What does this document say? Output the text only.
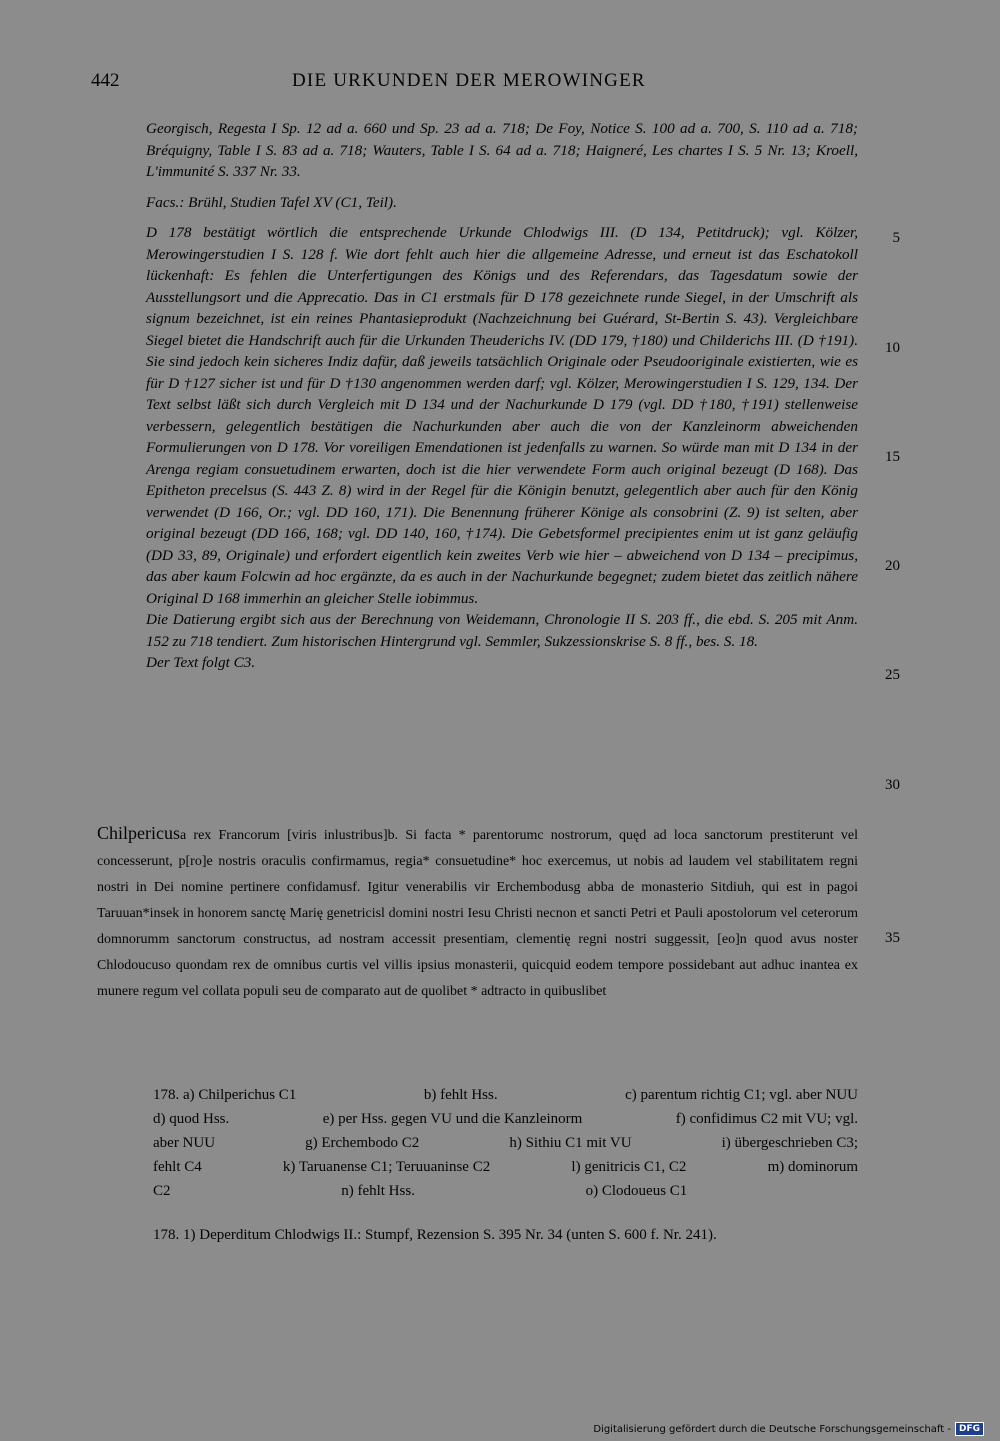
442	DIE URKUNDEN DER MEROWINGER

Georgisch, Regesta I Sp. 12 ad a. 660 und Sp. 23 ad a. 718; De Foy, Notice S. 100 ad a. 700, S. 110 ad a. 718; Bréquigny, Table I S. 83 ad a. 718; Wauters, Table I S. 64 ad a. 718; Haigneré, Les chartes I S. 5 Nr. 13; Kroell, L'immunité S. 337 Nr. 33.

Facs.: Brühl, Studien Tafel XV (C1, Teil).

D 178 bestätigt wörtlich die entsprechende Urkunde Chlodwigs III. (D 134, Petitdruck); vgl. Kölzer, Merowingerstudien I S. 128 f. Wie dort fehlt auch hier die allgemeine Adresse, und erneut ist das Eschatokoll lückenhaft: Es fehlen die Unterfertigungen des Königs und des Referendars, das Tagesdatum sowie der Ausstellungsort und die Apprecatio. Das in C1 erstmals für D 178 gezeichnete runde Siegel, in der Umschrift als signum bezeichnet, ist ein reines Phantasieprodukt (Nachzeichnung bei Guérard, St-Bertin S. 43). Vergleichbare Siegel bietet die Handschrift auch für die Urkunden Theuderichs IV. (DD 179, †180) und Childerichs III. (D †191). Sie sind jedoch kein sicheres Indiz dafür, daß jeweils tatsächlich Originale oder Pseudooriginale existierten, wie es für D †127 sicher ist und für D †130 angenommen werden darf; vgl. Kölzer, Merowingerstudien I S. 129, 134. Der Text selbst läßt sich durch Vergleich mit D 134 und der Nachurkunde D 179 (vgl. DD †180, †191) stellenweise verbessern, gelegentlich bestätigen die Nachurkunden aber auch die von der Kanzleinorm abweichenden Formulierungen von D 178. Vor voreiligen Emendationen ist jedenfalls zu warnen. So würde man mit D 134 in der Arenga regiam consuetudinem erwarten, doch ist die hier verwendete Form auch original bezeugt (D 168). Das Epitheton precelsus (S. 443 Z. 8) wird in der Regel für die Königin benutzt, gelegentlich aber auch für den König verwendet (D 166, Or.; vgl. DD 160, 171). Die Benennung früherer Könige als consobrini (Z. 9) ist selten, aber original bezeugt (DD 166, 168; vgl. DD 140, 160, †174). Die Gebetsformel precipientes enim ut ist ganz geläufig (DD 33, 89, Originale) und erfordert eigentlich kein zweites Verb wie hier – abweichend von D 134 – precipimus, das aber kaum Folcwin ad hoc ergänzte, da es auch in der Nachurkunde begegnet; zudem bietet das zeitlich nähere Original D 168 immerhin an gleicher Stelle iobimmus.

Die Datierung ergibt sich aus der Berechnung von Weidemann, Chronologie II S. 203 ff., die ebd. S. 205 mit Anm. 152 zu 718 tendiert. Zum historischen Hintergrund vgl. Semmler, Sukzessionskrise S. 8 ff., bes. S. 18.

Der Text folgt C3.

5
10
15
20
25
30
35
Chilpericusa rex Francorum [viris inlustribus]b. Si facta * parentorumc nostrorum, quęd ad loca sanctorum prestiterunt vel concesserunt, p[ro]e nostris oraculis confirmamus, regia* consuetudine* hoc exercemus, ut nobis ad laudem vel stabilitatem regni nostri in Dei nomine pertinere confidamusf. Igitur venerabilis vir Erchembodusg abba de monasterio Sitdiuh, qui est in pagoi Taruuan*insek in honorem sanctę Marię genetricisl domini nostri Iesu Christi necnon et sancti Petri et Pauli apostolorum vel ceterorum domnorumm sanctorum constructus, ad nostram accessit presentiam, clementię regni nostri suggessit, [eo]n quod avus noster Chlodoucuso quondam rex de omnibus curtis vel villis ipsius monasterii, quicquid eodem tempore possidebant aut adhuc inantea ex munere regum vel collata populi seu de comparato aut de quolibet * adtracto in quibuslibet
178. a) Chilperichus C1	b) fehlt Hss.	c) parentum richtig C1; vgl. aber NUU
d) quod Hss.	e) per Hss. gegen VU und die Kanzleinorm	f) confidimus C2 mit VU; vgl.
aber NUU	g) Erchembodo C2	h) Sithiu C1 mit VU	i) übergeschrieben C3;
fehlt C4	k) Taruanense C1; Teruuaninse C2	l) genitricis C1, C2	m) dominorum
C2	n) fehlt Hss.	o) Clodoueus C1
178. 1) Deperditum Chlodwigs II.: Stumpf, Rezension S. 395 Nr. 34 (unten S. 600 f. Nr. 241).
Digitalisierung gefördert durch die Deutsche Forschungsgemeinschaft - DFG
